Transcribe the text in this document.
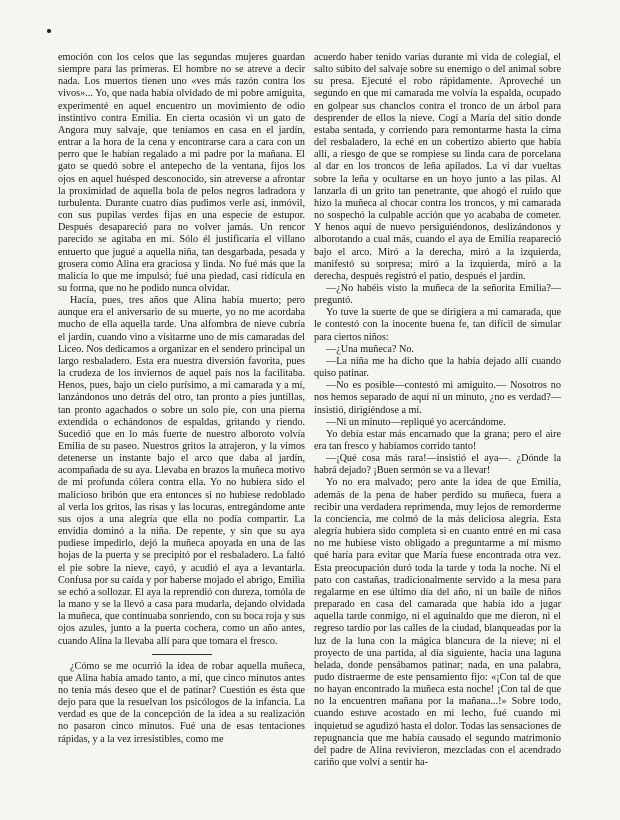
emoción con los celos que las segundas mujeres guardan siempre para las primeras. El hombre no se atreve a decir nada. Los muertos tienen uno «ves más razón contra los vivos»... Yo, que nada había olvidado de mi pobre amiguita, experimenté en aquel encuentro un movimiento de odio instintivo contra Emilia. En cierta ocasión vi un gato de Angora muy salvaje, que teníamos en casa en el jardín, entrar a la hora de la cena y encontrarse cara a cara con un perro que le habían regalado a mi padre por la mañana. El gato se quedó sobre el antepecho de la ventana, fijos los ojos en aquel huésped desconocido, sin atreverse a afrontar la proximidad de aquella bola de pelos negros ladradora y turbulenta. Durante cuatro días pudimos verle así, inmóvil, con sus pupilas verdes fijas en una especie de estupor. Después desapareció para no volver jamás. Un rencor parecido se agitaba en mí. Sólo él justificaría el villano entuerto que jugué a aquella niña, tan desgarbada, pesada y grosera como Alina era graciosa y linda. No fué más que la malicia lo que me impulsó; fué una piedad, casi ridícula en su forma, que no he podido nunca olvidar.

Hacía, pues, tres años que Alina había muerto; pero aunque era el aniversario de su muerte, yo no me acordaba mucho de ella aquella tarde. Una alfombra de nieve cubría el jardín, cuando vino a visitarme uno de mis camaradas del Liceo. Nos dedicamos a organizar en el sendero principal un largo resbaladero. Esta era nuestra diversión favorita, pues la crudeza de los inviernos de aquel país nos la facilitaba. Henos, pues, bajo un cielo purísimo, a mi camarada y a mí, lanzándonos uno detrás del otro, tan pronto a pies juntillas, tan pronto agachados o sobre un solo pie, con una pierna extendida o echándonos de espaldas, gritando y riendo. Sucedió que en lo más fuerte de nuestro alboroto volvía Emilia de su paseo. Nuestros gritos la atrajeron, y la vimos detenerse un instante bajo el arco que daba al jardín, acompañada de su aya. Llevaba en brazos la muñeca motivo de mi profunda cólera contra ella. Yo no hubiera sido el malicioso bribón que era entonces si no hubiese redoblado al verla los gritos, las risas y las locuras, entregándome ante sus ojos a una alegría que ella no podía compartir. La envidia dominó a la niña. De repente, y sin que su aya pudiese impedirlo, dejó la muñeca apoyada en una de las hojas de la puerta y se precipitó por el resbaladero. La faltó el pie sobre la nieve, cayó, y acudió el aya a levantarla. Confusa por su caída y por haberse mojado el abrigo, Emilia se echó a sollozar. El aya la reprendió con dureza, tomóla de la mano y se la llevó a casa para mudarla, dejando olvidada la muñeca, que continuaba sonriendo, con su boca roja y sus ojos azules, junto a la puerta cochera, como un año antes, cuando Alina la llevaba allí para que tomara el fresco.

¿Cómo se me ocurrió la idea de robar aquella muñeca, que Alina había amado tanto, a mí, que cinco minutos antes no tenía más deseo que el de patinar? Cuestión es ésta que dejo para que la resuelvan los psicólogos de la infancia. La verdad es que de la concepción de la idea a su realización no pasaron cinco minutos. Fué una de esas tentaciones rápidas, y a la vez irresistibles, como me

acuerdo haber tenido varias durante mi vida de colegial, el salto súbito del salvaje sobre su enemigo o del animal sobre su presa. Ejecuté el robo rápidamente. Aproveché un segundo en que mi camarada me volvía la espalda, ocupado en golpear sus chanclos contra el tronco de un árbol para desprender de ellos la nieve. Cogí a María del sitio donde estaba sentada, y corriendo para remontarme hasta la cima del resbaladero, la eché en un cobertizo abierto que había allí, a riesgo de que se rompiese su linda cara de porcelana al dar en los troncos de leña apilados. La vi dar vueltas sobre la leña y ocultarse en un hoyo junto a las pilas. Al lanzarla di un grito tan penetrante, que ahogó el ruido que hizo la muñeca al chocar contra los troncos, y mi camarada no sospechó la culpable acción que yo acababa de cometer. Y henos aquí de nuevo persiguiéndonos, deslizándonos y alborotando a cual más, cuando el aya de Emilia reapareció bajo el arco. Miró a la derecha, miró a la izquierda, manifestó su sorpresa; miró a la izquierda, miró a la derecha, después registró el patio, después el jardín.

—¿No habéis visto la muñeca de la señorita Emilia?—preguntó.

Yo tuve la suerte de que se dirigiera a mi camarada, que le contestó con la inocente buena fe, tan difícil de simular para ciertos niños:

—¿Una muñeca? No.

—La niña me ha dicho que la había dejado allí cuando quiso patinar.

—No es posible—contestó mi amiguito.— Nosotros no nos hemos separado de aquí ni un minuto, ¿no es verdad?—insistió, dirigiéndose a mí.

—Ni un minuto—repliqué yo acercándome.

Yo debía estar más encarnado que la grana; pero el aire era tan fresco y habíamos corrido tanto!

—¡Qué cosa más rara!—insistió el aya—. ¿Dónde la habrá dejado? ¡Buen sermón se va a llevar!

Yo no era malvado; pero ante la idea de que Emilia, además de la pena de haber perdido su muñeca, fuera a recibir una verdadera reprimenda, muy lejos de remorderme la conciencia, me colmó de la más deliciosa alegría. Esta alegría hubiera sido completa si en cuanto entré en mi casa no me hubiese visto obligado a preguntarme a mí mismo qué haría para evitar que María fuese encontrada otra vez. Esta preocupación duró toda la tarde y toda la noche. Ni el pato con castañas, tradicionalmente servido a la mesa para regalarme en ese último día del año, ni un baile de niños preparado en casa del camarada que había ido a jugar aquella tarde conmigo, ni el aguinaldo que me dieron, ni el regreso tardío por las calles de la ciudad, blanqueadas por la luz de la luna con la mágica blancura de la nieve; ni el proyecto de una partida, al día siguiente, hacia una laguna helada, donde pensábamos patinar; nada, en una palabra, pudo distraerme de este pensamiento fijo: «¡Con tal de que no hayan encontrado la muñeca esta noche! ¡Con tal de que no la encuentren mañana por la mañana...!» Sobre todo, cuando estuve acostado en mi lecho, fué cuando mi inquietud se agudizó hasta el dolor. Todas las sensaciones de repugnancia que me había causado el segundo matrimonio del padre de Alina revivieron, mezcladas con el acendrado cariño que volví a sentir ha-
